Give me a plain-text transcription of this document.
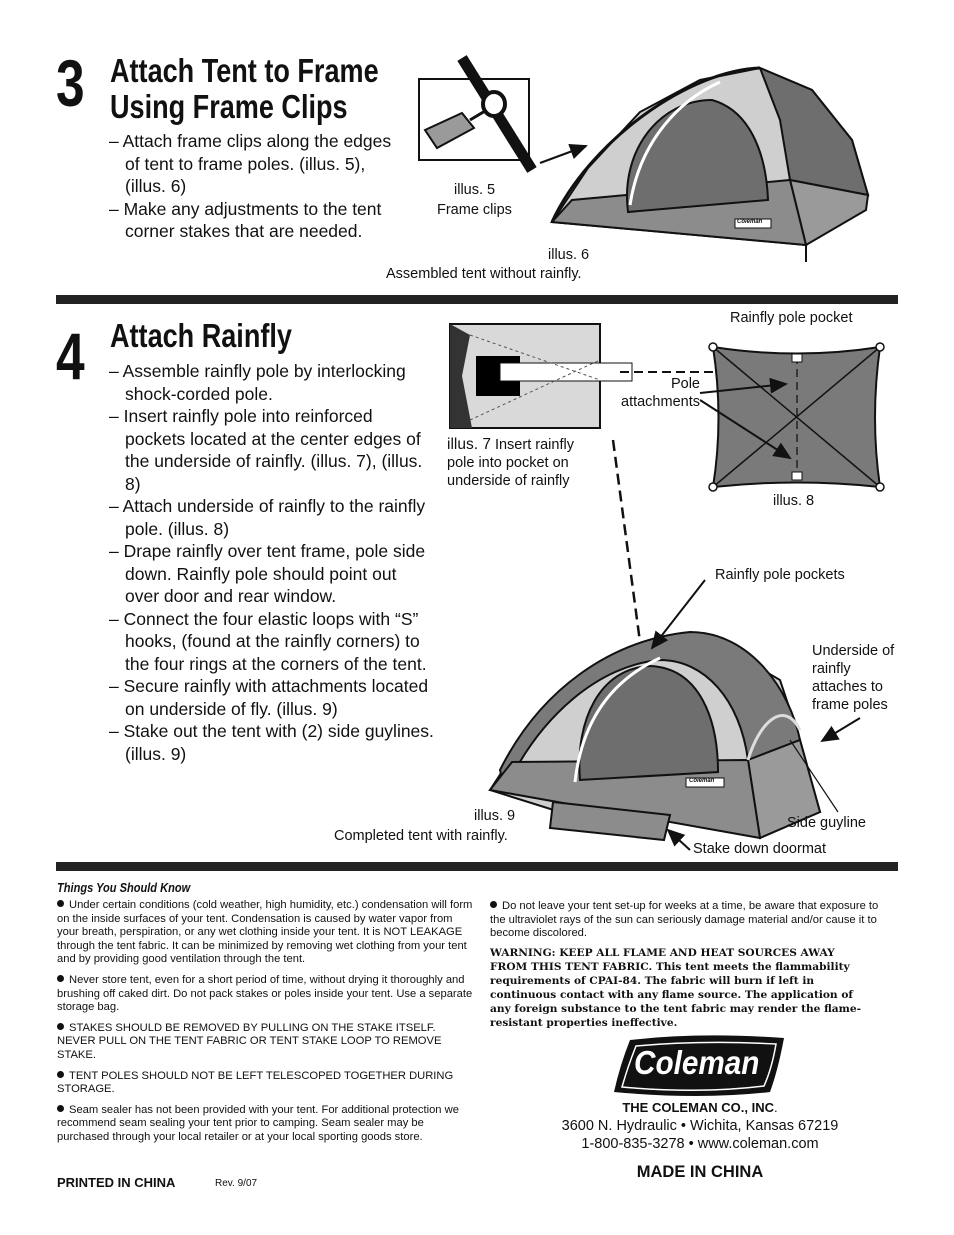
3 Attach Tent to Frame
Using Frame Clips
– Attach frame clips along the edges of tent to frame poles. (illus. 5), (illus. 6)
– Make any adjustments to the tent corner stakes that are needed.
illus. 5
Frame clips
illus. 6
Assembled tent without rainfly.
4 Attach Rainfly
– Assemble rainfly pole by interlocking shock-corded pole.
– Insert rainfly pole into reinforced pockets located at the center edges of the underside of rainfly. (illus. 7), (illus. 8)
– Attach underside of rainfly to the rainfly pole. (illus. 8)
– Drape rainfly over tent frame, pole side down. Rainfly pole should point out over door and rear window.
– Connect the four elastic loops with “S” hooks, (found at the rainfly corners) to the four rings at the corners of the tent.
– Secure rainfly with attachments located on underside of fly. (illus. 9)
– Stake out the tent with (2) side guylines. (illus. 9)
Rainfly pole pocket
Pole attachments
illus. 7 Insert rainfly pole into pocket on underside of rainfly
illus. 8
Rainfly pole pockets
Underside of rainfly attaches to frame poles
illus. 9
Completed tent with rainfly.
Side guyline
Stake down doormat
Coleman
Coleman
Things You Should Know

Under certain conditions (cold weather, high humidity, etc.) condensation will form on the inside surfaces of your tent. Condensation is caused by water vapor from your breath, perspiration, or any wet clothing inside your tent. It is NOT LEAKAGE through the tent fabric. It can be minimized by removing wet clothing from your tent and by providing good ventilation through the tent.

Never store tent, even for a short period of time, without drying it thoroughly and brushing off caked dirt. Do not pack stakes or poles inside your tent. Use a separate storage bag.

STAKES SHOULD BE REMOVED BY PULLING ON THE STAKE ITSELF. NEVER PULL ON THE TENT FABRIC OR TENT STAKE LOOP TO REMOVE STAKE.

TENT POLES SHOULD NOT BE LEFT TELESCOPED TOGETHER DURING STORAGE.

Seam sealer has not been provided with your tent. For additional protection we recommend seam sealing your tent prior to camping. Seam sealer may be purchased through your local retailer or at your local sporting goods store.

Do not leave your tent set-up for weeks at a time, be aware that exposure to the ultraviolet rays of the sun can seriously damage material and/or cause it to become discolored.

WARNING: KEEP ALL FLAME AND HEAT SOURCES AWAY FROM THIS TENT FABRIC. This tent meets the flammability requirements of CPAI-84. The fabric will burn if left in continuous contact with any flame source. The application of any foreign substance to the tent fabric may render the flame-resistant properties ineffective.
Coleman
®
THE COLEMAN CO., INC.
3600 N. Hydraulic • Wichita, Kansas 67219
1-800-835-3278 • www.coleman.com
MADE IN CHINA
PRINTED IN CHINA	Rev. 9/07
